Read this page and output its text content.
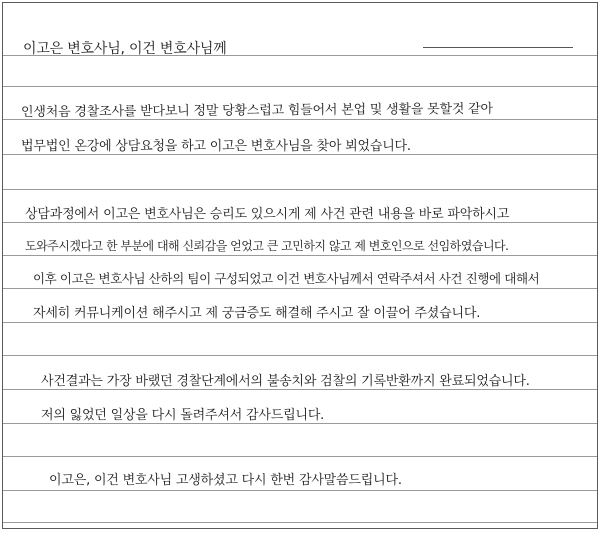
이고은 변호사님, 이건 변호사님께
인생처음 경찰조사를 받다보니 정말 당황스럽고 힘들어서 본업 및 생활을 못할것 같아
법무법인 온강에 상담요청을 하고 이고은 변호사님을 찾아 뵈었습니다.
상담과정에서 이고은 변호사님은 승리도 있으시게 제 사건 관련 내용을 바로 파악하시고
도와주시겠다고 한 부분에 대해 신뢰감을 얻었고 큰 고민하지 않고 제 변호인으로 선임하였습니다.
이후 이고은 변호사님 산하의 팀이 구성되었고 이건 변호사님께서 연락주셔서 사건 진행에 대해서
자세히 커뮤니케이션 해주시고 제 궁금증도 해결해 주시고 잘 이끌어 주셨습니다.
사건결과는 가장 바랬던 경찰단계에서의 불송치와 검찰의 기록반환까지 완료되었습니다.
저의 잃었던 일상을 다시 돌려주셔서 감사드립니다.
이고은, 이건 변호사님 고생하셨고 다시 한번 감사말씀드립니다.
